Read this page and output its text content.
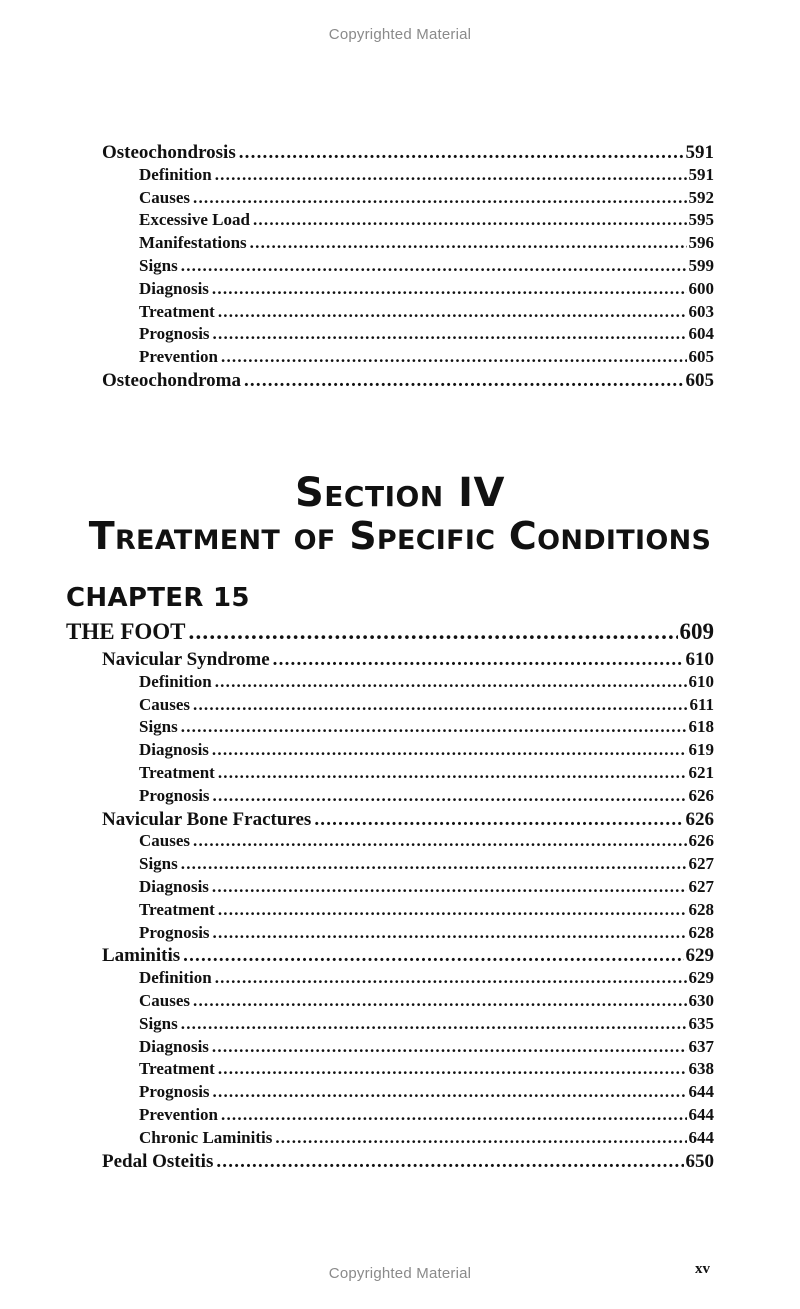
Copyrighted Material
Osteochondrosis .....	591
Definition .....	591
Causes .....	592
Excessive Load .....	595
Manifestations .....	596
Signs .....	599
Diagnosis .....	600
Treatment .....	603
Prognosis .....	604
Prevention .....	605
Osteochondroma .....	605
Section IV
Treatment of Specific Conditions
CHAPTER 15
THE FOOT .....	609
Navicular Syndrome .....	610
Definition .....	610
Causes .....	611
Signs .....	618
Diagnosis .....	619
Treatment .....	621
Prognosis .....	626
Navicular Bone Fractures .....	626
Causes .....	626
Signs .....	627
Diagnosis .....	627
Treatment .....	628
Prognosis .....	628
Laminitis .....	629
Definition .....	629
Causes .....	630
Signs .....	635
Diagnosis .....	637
Treatment .....	638
Prognosis .....	644
Prevention .....	644
Chronic Laminitis .....	644
Pedal Osteitis .....	650
xv
Copyrighted Material
